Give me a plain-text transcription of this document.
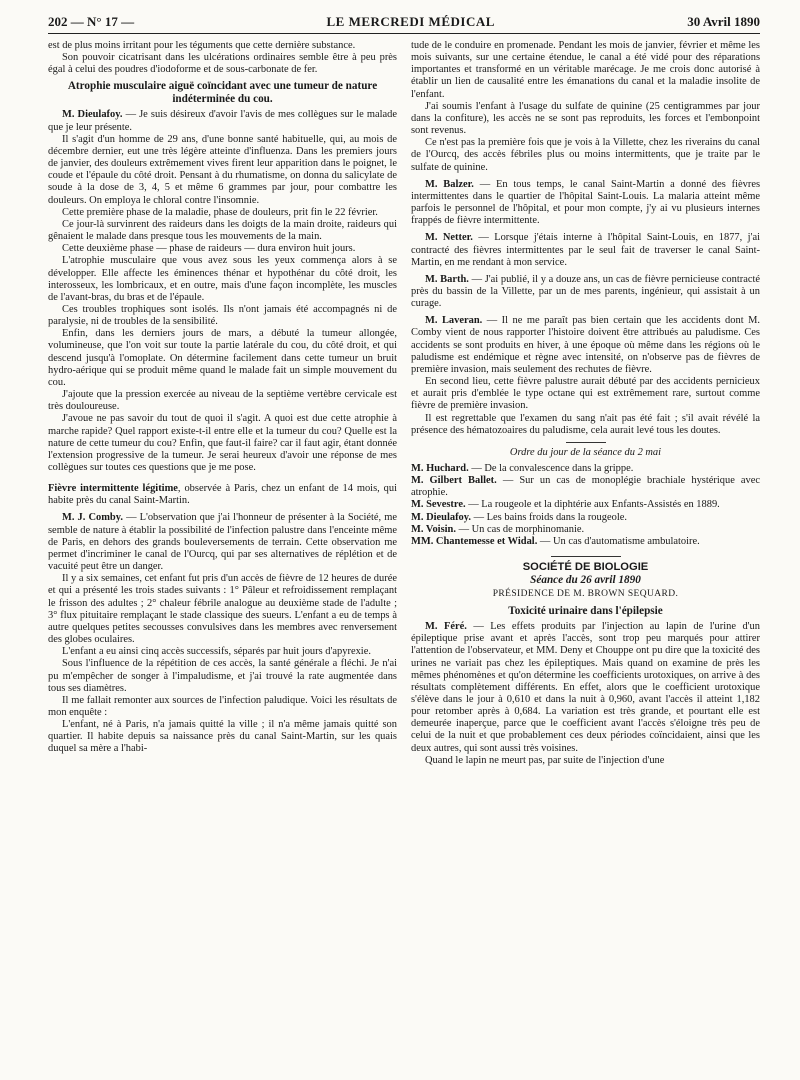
202 — N° 17 —	LE MERCREDI MÉDICAL	30 Avril 1890

est de plus moins irritant pour les téguments que cette dernière substance.

Son pouvoir cicatrisant dans les ulcérations ordinaires semble être à peu près égal à celui des poudres d'iodoforme et de sous-carbonate de fer.

Atrophie musculaire aiguë coïncidant avec une tumeur de nature indéterminée du cou.

M. Dieulafoy. — Je suis désireux d'avoir l'avis de mes collègues sur le malade que je leur présente.

Il s'agit d'un homme de 29 ans, d'une bonne santé habituelle, qui, au mois de décembre dernier, eut une très légère atteinte d'influenza. Dans les premiers jours de janvier, des douleurs extrêmement vives firent leur apparition dans le poignet, le coude et l'épaule du côté droit. Pensant à du rhumatisme, on donna du salicylate de soude à la dose de 3, 4, 5 et même 6 grammes par jour, pour combattre les douleurs. On employa le chloral contre l'insomnie.

Cette première phase de la maladie, phase de douleurs, prit fin le 22 février.

Ce jour-là survinrent des raideurs dans les doigts de la main droite, raideurs qui gênaient le malade dans presque tous les mouvements de la main.

Cette deuxième phase — phase de raideurs — dura environ huit jours.

L'atrophie musculaire que vous avez sous les yeux commença alors à se développer. Elle affecte les éminences thénar et hypothénar du côté droit, les interosseux, les lombricaux, et en outre, mais d'une façon incomplète, les muscles de l'avant-bras, du bras et de l'épaule.

Ces troubles trophiques sont isolés. Ils n'ont jamais été accompagnés ni de paralysie, ni de troubles de la sensibilité.

Enfin, dans les derniers jours de mars, a débuté la tumeur allongée, volumineuse, que l'on voit sur toute la partie latérale du cou, du côté droit, et qui descend jusqu'à l'omoplate. On détermine facilement dans cette tumeur un bruit hydro-aérique qui se produit même quand le malade fait un simple mouvement du cou.

J'ajoute que la pression exercée au niveau de la septième vertèbre cervicale est très douloureuse.

J'avoue ne pas savoir du tout de quoi il s'agit. A quoi est due cette atrophie à marche rapide? Quel rapport existe-t-il entre elle et la tumeur du cou? Quelle est la nature de cette tumeur du cou? Enfin, que faut-il faire? car il faut agir, étant donnée l'extension progressive de la tumeur. Je serai heureux d'avoir une réponse de mes collègues sur toutes ces questions que je me pose.

Fièvre intermittente légitime, observée à Paris, chez un enfant de 14 mois, qui habite près du canal Saint-Martin.

M. J. Comby. — L'observation que j'ai l'honneur de présenter à la Société, me semble de nature à établir la possibilité de l'infection palustre dans l'enceinte même de Paris, en dehors des grands bouleversements de terrain. Cette observation me permet d'incriminer le canal de l'Ourcq, qui par ses alternatives de réplétion et de vacuité peut être un danger.

Il y a six semaines, cet enfant fut pris d'un accès de fièvre de 12 heures de durée et qui a présenté les trois stades suivants : 1° Pâleur et refroidissement remplaçant le frisson des adultes ; 2° chaleur fébrile analogue au deuxième stade de l'adulte ; 3° flux pituitaire remplaçant le stade classique des sueurs. L'enfant a eu de temps à autre quelques petites secousses convulsives dans les membres avec renversement des globes oculaires.

L'enfant a eu ainsi cinq accès successifs, séparés par huit jours d'apyrexie.

Sous l'influence de la répétition de ces accès, la santé générale a fléchi. Je n'ai pu m'empêcher de songer à l'impaludisme, et j'ai trouvé la rate augmentée dans tous ses diamètres.

Il me fallait remonter aux sources de l'infection paludique. Voici les résultats de mon enquête :

L'enfant, né à Paris, n'a jamais quitté la ville ; il n'a même jamais quitté son quartier. Il habite depuis sa naissance près du canal Saint-Martin, sur les quais duquel sa mère a l'habi-

tude de le conduire en promenade. Pendant les mois de janvier, février et même les mois suivants, sur une certaine étendue, le canal a été vidé pour des réparations importantes et transformé en un véritable marécage. Je me crois donc autorisé à établir un lien de causalité entre les émanations du canal et la maladie insolite de l'enfant.

J'ai soumis l'enfant à l'usage du sulfate de quinine (25 centigrammes par jour dans la confiture), les accès ne se sont pas reproduits, les forces et l'embonpoint sont revenus.

Ce n'est pas la première fois que je vois à la Villette, chez les riverains du canal de l'Ourcq, des accès fébriles plus ou moins intermittents, que je traite par le sulfate de quinine.

M. Balzer. — En tous temps, le canal Saint-Martin a donné des fièvres intermittentes dans le quartier de l'hôpital Saint-Louis. La malaria atteint même parfois le personnel de l'hôpital, et pour mon compte, j'y ai vu plusieurs internes frappés de fièvre intermittente.

M. Netter. — Lorsque j'étais interne à l'hôpital Saint-Louis, en 1877, j'ai contracté des fièvres intermittentes par le seul fait de traverser le canal Saint-Martin, en me rendant à mon service.

M. Barth. — J'ai publié, il y a douze ans, un cas de fièvre pernicieuse contracté près du bassin de la Villette, par un de mes parents, ingénieur, qui assistait à un curage.

M. Laveran. — Il ne me paraît pas bien certain que les accidents dont M. Comby vient de nous rapporter l'histoire doivent être attribués au paludisme. Ces accidents se sont produits en hiver, à une époque où même dans les régions où le paludisme est endémique et règne avec intensité, on n'observe pas de fièvres de première invasion, mais seulement des rechutes de fièvre.

En second lieu, cette fièvre palustre aurait débuté par des accidents pernicieux et aurait pris d'emblée le type octane qui est extrêmement rare, surtout comme fièvre de première invasion.

Il est regrettable que l'examen du sang n'ait pas été fait ; s'il avait révélé la présence des hématozoaires du paludisme, cela aurait levé tous les doutes.

Ordre du jour de la séance du 2 mai

M. Huchard. — De la convalescence dans la grippe.

M. Gilbert Ballet. — Sur un cas de monoplégie brachiale hystérique avec atrophie.

M. Sevestre. — La rougeole et la diphtérie aux Enfants-Assistés en 1889.

M. Dieulafoy. — Les bains froids dans la rougeole.

M. Voisin. — Un cas de morphinomanie.

MM. Chantemesse et Widal. — Un cas d'automatisme ambulatoire.

SOCIÉTÉ DE BIOLOGIE
Séance du 26 avril 1890
PRÉSIDENCE DE M. BROWN SEQUARD.
Toxicité urinaire dans l'épilepsie

M. Féré. — Les effets produits par l'injection au lapin de l'urine d'un épileptique prise avant et après l'accès, sont trop peu marqués pour attirer l'attention de l'observateur, et MM. Deny et Chouppe ont pu dire que la toxicité des urines ne variait pas chez les épileptiques. Mais quand on examine de près les mêmes phénomènes et qu'on détermine les coefficients urotoxiques, on arrive à des résultats complètement différents. En effet, alors que le coefficient urotoxique s'élève dans le jour à 0,610 et dans la nuit à 0,960, avant l'accès il atteint 1,182 pour retomber après à 0,684. La variation est très grande, et pourtant elle est demeurée inaperçue, parce que le coefficient avant l'accès s'éloigne très peu de celui de la nuit et que probablement ces deux périodes coïncidaient, ainsi que les deux autres, qui sont aussi très voisines.

Quand le lapin ne meurt pas, par suite de l'injection d'une
